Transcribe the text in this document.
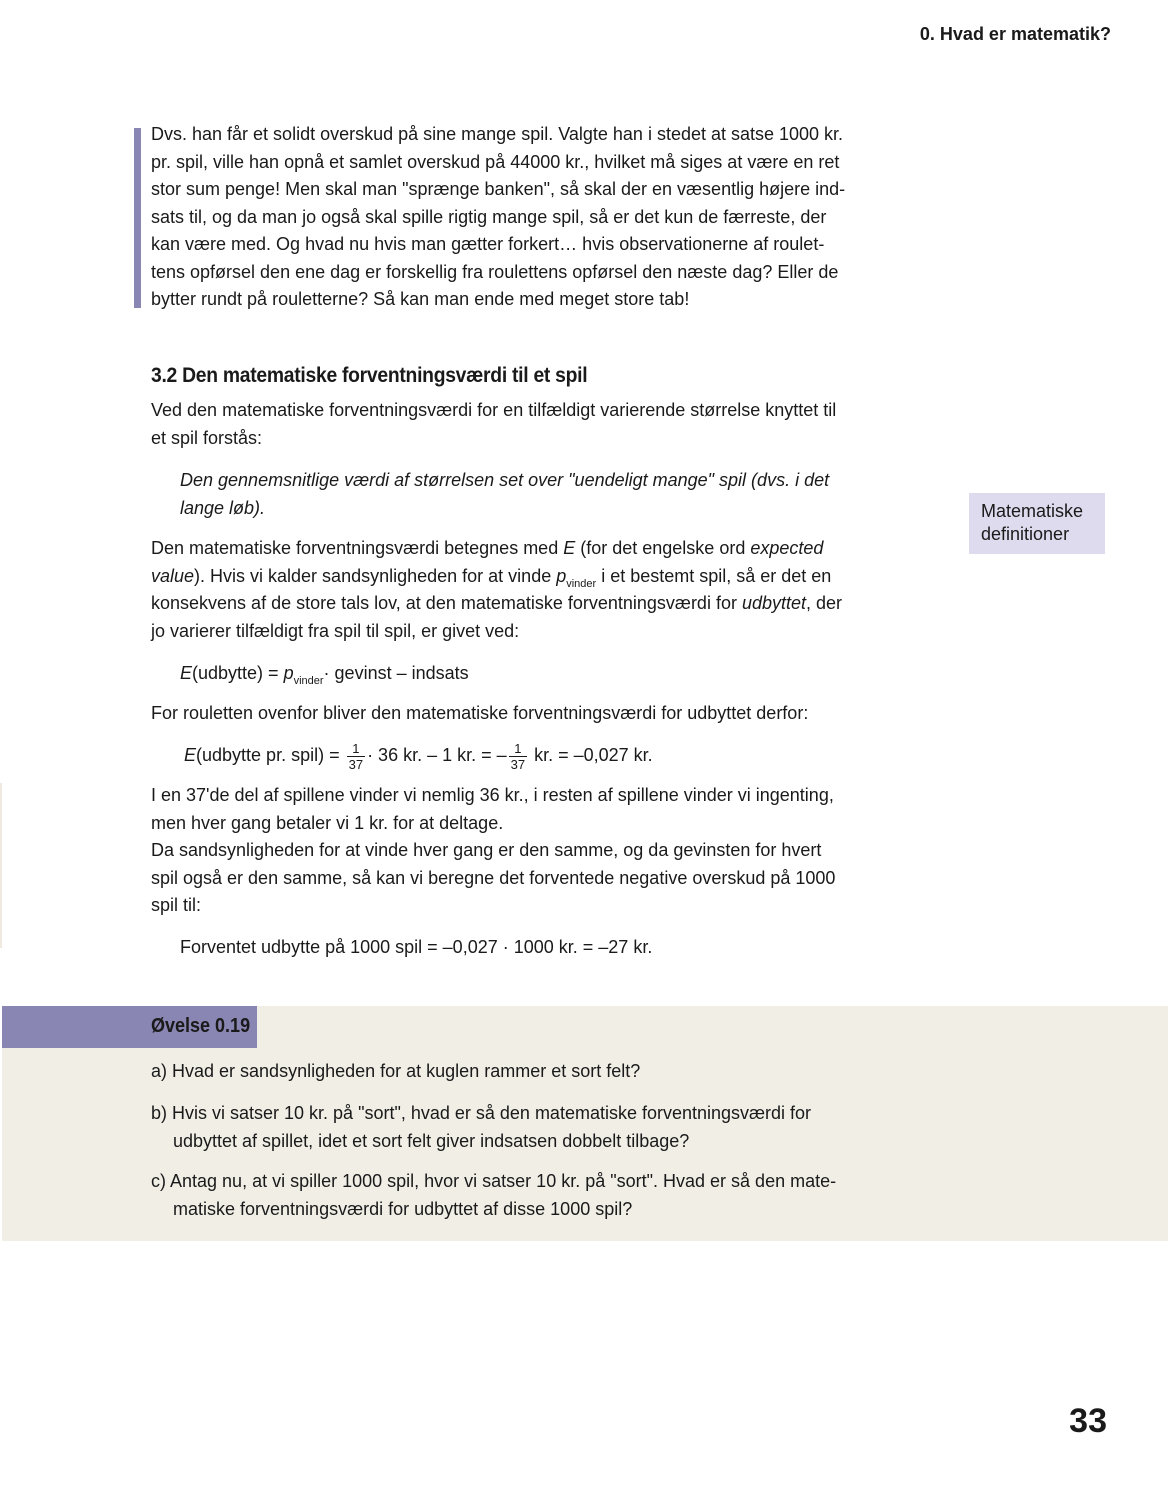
0. Hvad er matematik?
Dvs. han får et solidt overskud på sine mange spil. Valgte han i stedet at satse 1000 kr.
pr. spil, ville han opnå et samlet overskud på 44000 kr., hvilket må siges at være en ret
stor sum penge! Men skal man "sprænge banken", så skal der en væsentlig højere ind-
sats til, og da man jo også skal spille rigtig mange spil, så er det kun de færreste, der
kan være med. Og hvad nu hvis man gætter forkert… hvis observationerne af roulet-
tens opførsel den ene dag er forskellig fra roulettens opførsel den næste dag? Eller de
bytter rundt på rouletterne? Så kan man ende med meget store tab!
3.2 Den matematiske forventningsværdi til et spil
Ved den matematiske forventningsværdi for en tilfældigt varierende størrelse knyttet til
et spil forstås:
Den gennemsnitlige værdi af størrelsen set over "uendeligt mange" spil (dvs. i det
lange løb).	Matematiske
definitioner
Den matematiske forventningsværdi betegnes med E (for det engelske ord expected
value). Hvis vi kalder sandsynligheden for at vinde $p_{vinder}$ i et bestemt spil, så er det en
konsekvens af de store tals lov, at den matematiske forventningsværdi for udbyttet, der
jo varierer tilfældigt fra spil til spil, er givet ved:
E(udbytte) = $p_{vinder}\cdot$ gevinst – indsats
For rouletten ovenfor bliver den matematiske forventningsværdi for udbyttet derfor:
E(udbytte pr. spil) = $\frac{1}{37} \cdot 36$ kr. – 1 kr. = – $\frac{1}{37}$ kr. = –0,027 kr.
I en 37'de del af spillene vinder vi nemlig 36 kr., i resten af spillene vinder vi ingenting,
men hver gang betaler vi 1 kr. for at deltage.
Da sandsynligheden for at vinde hver gang er den samme, og da gevinsten for hvert
spil også er den samme, så kan vi beregne det forventede negative overskud på 1000
spil til:
Forventet udbytte på 1000 spil = –0,027 · 1000 kr. = –27 kr.
Øvelse 0.19
a) Hvad er sandsynligheden for at kuglen rammer et sort felt?
b) Hvis vi satser 10 kr. på "sort", hvad er så den matematiske forventningsværdi for
udbyttet af spillet, idet et sort felt giver indsatsen dobbelt tilbage?
c) Antag nu, at vi spiller 1000 spil, hvor vi satser 10 kr. på "sort". Hvad er så den mate-
matiske forventningsværdi for udbyttet af disse 1000 spil?
33
